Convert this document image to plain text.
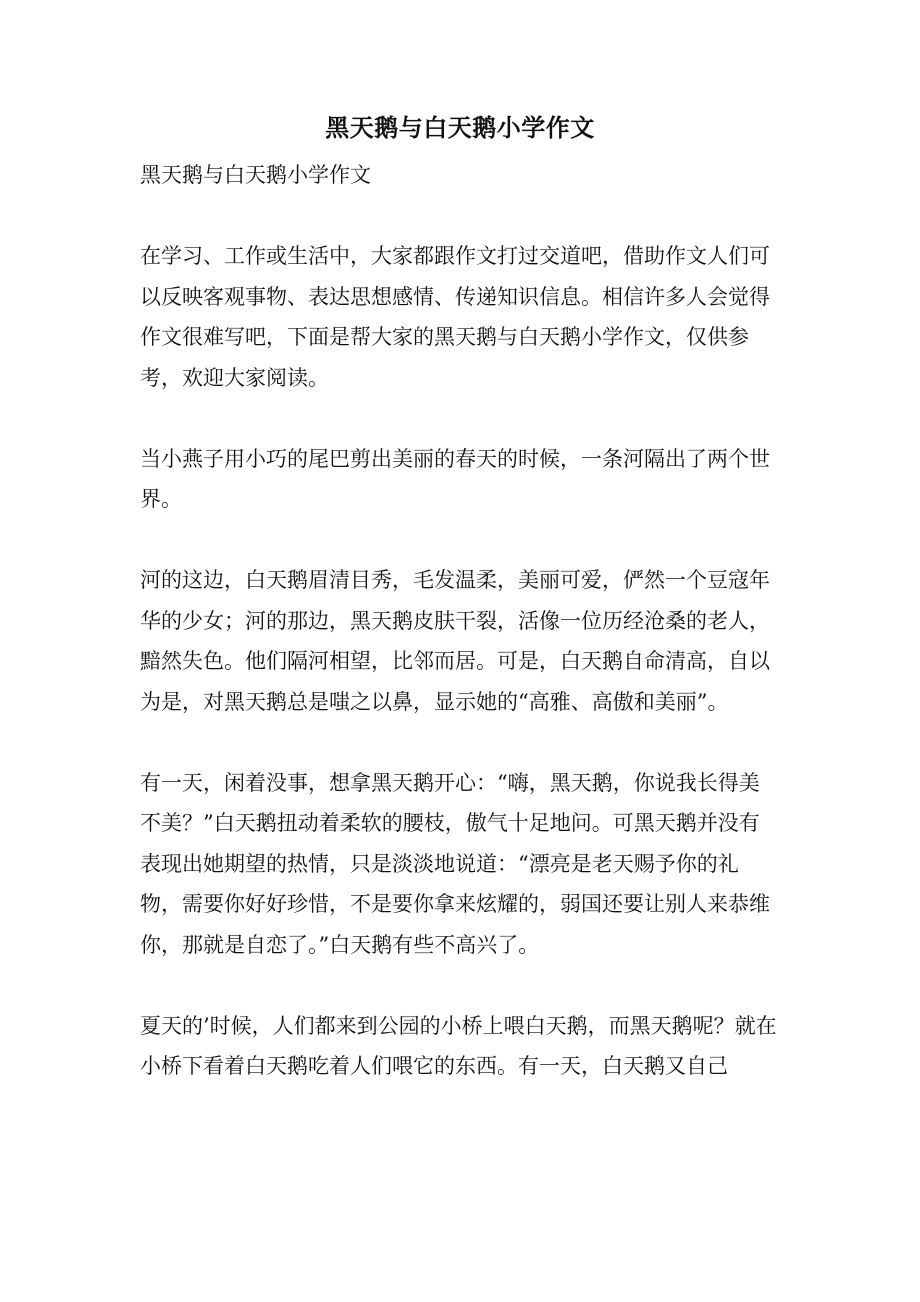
黑天鹅与白天鹅小学作文

黑天鹅与白天鹅小学作文

在学习、工作或生活中，大家都跟作文打过交道吧，借助作文人们可以反映客观事物、表达思想感情、传递知识信息。相信许多人会觉得作文很难写吧，下面是帮大家的黑天鹅与白天鹅小学作文，仅供参考，欢迎大家阅读。

当小燕子用小巧的尾巴剪出美丽的春天的时候，一条河隔出了两个世界。

河的这边，白天鹅眉清目秀，毛发温柔，美丽可爱，俨然一个豆寇年华的少女；河的那边，黑天鹅皮肤干裂，活像一位历经沧桑的老人，黯然失色。他们隔河相望，比邻而居。可是，白天鹅自命清高，自以为是，对黑天鹅总是嗤之以鼻，显示她的“高雅、高傲和美丽”。

有一天，闲着没事，想拿黑天鹅开心：“嗨，黑天鹅，你说我长得美不美？”白天鹅扭动着柔软的腰枝，傲气十足地问。可黑天鹅并没有表现出她期望的热情，只是淡淡地说道：“漂亮是老天赐予你的礼物，需要你好好珍惜，不是要你拿来炫耀的，弱国还要让别人来恭维你，那就是自恋了。”白天鹅有些不高兴了。

夏天的’时候，人们都来到公园的小桥上喂白天鹅，而黑天鹅呢？就在小桥下看着白天鹅吃着人们喂它的东西。有一天，白天鹅又自己
